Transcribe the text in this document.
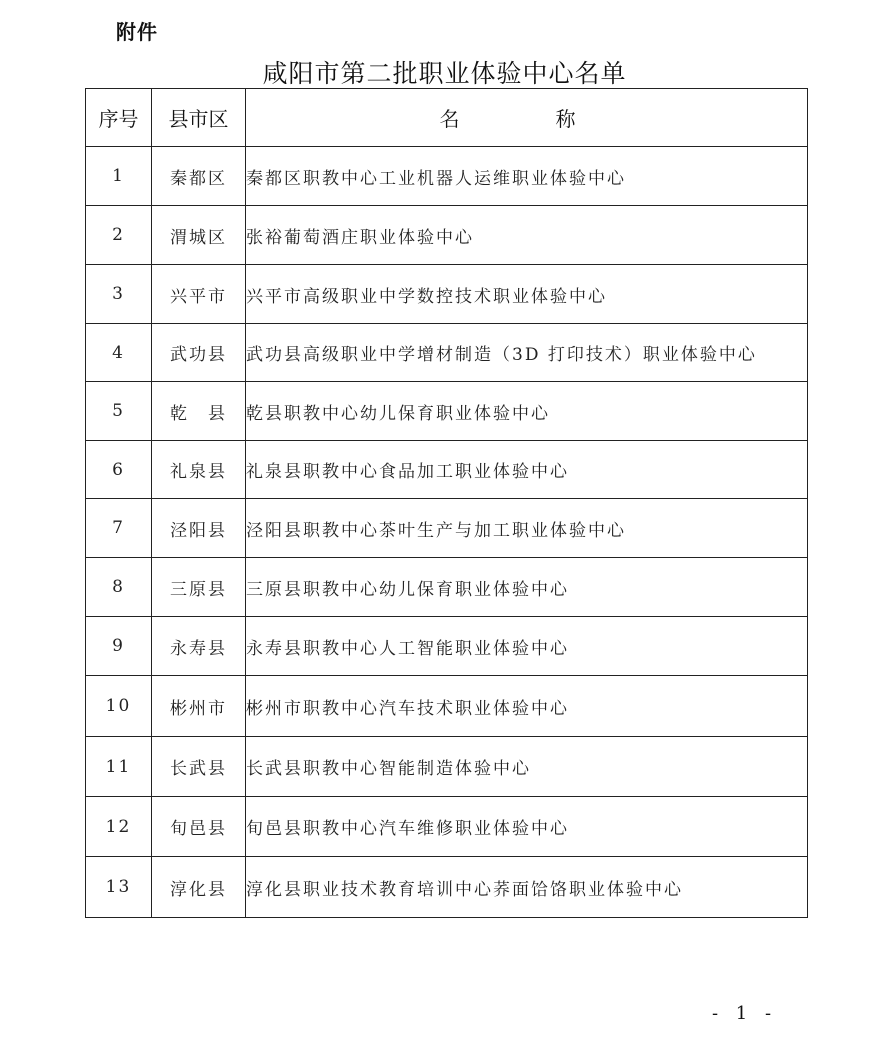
附件
咸阳市第二批职业体验中心名单
序号	县市区	名　称
1	秦都区	秦都区职教中心工业机器人运维职业体验中心
2	渭城区	张裕葡萄酒庄职业体验中心
3	兴平市	兴平市高级职业中学数控技术职业体验中心
4	武功县	武功县高级职业中学增材制造（3D 打印技术）职业体验中心
5	乾　县	乾县职教中心幼儿保育职业体验中心
6	礼泉县	礼泉县职教中心食品加工职业体验中心
7	泾阳县	泾阳县职教中心茶叶生产与加工职业体验中心
8	三原县	三原县职教中心幼儿保育职业体验中心
9	永寿县	永寿县职教中心人工智能职业体验中心
10	彬州市	彬州市职教中心汽车技术职业体验中心
11	长武县	长武县职教中心智能制造体验中心
12	旬邑县	旬邑县职教中心汽车维修职业体验中心
13	淳化县	淳化县职业技术教育培训中心荞面饸饹职业体验中心
- 1 -
